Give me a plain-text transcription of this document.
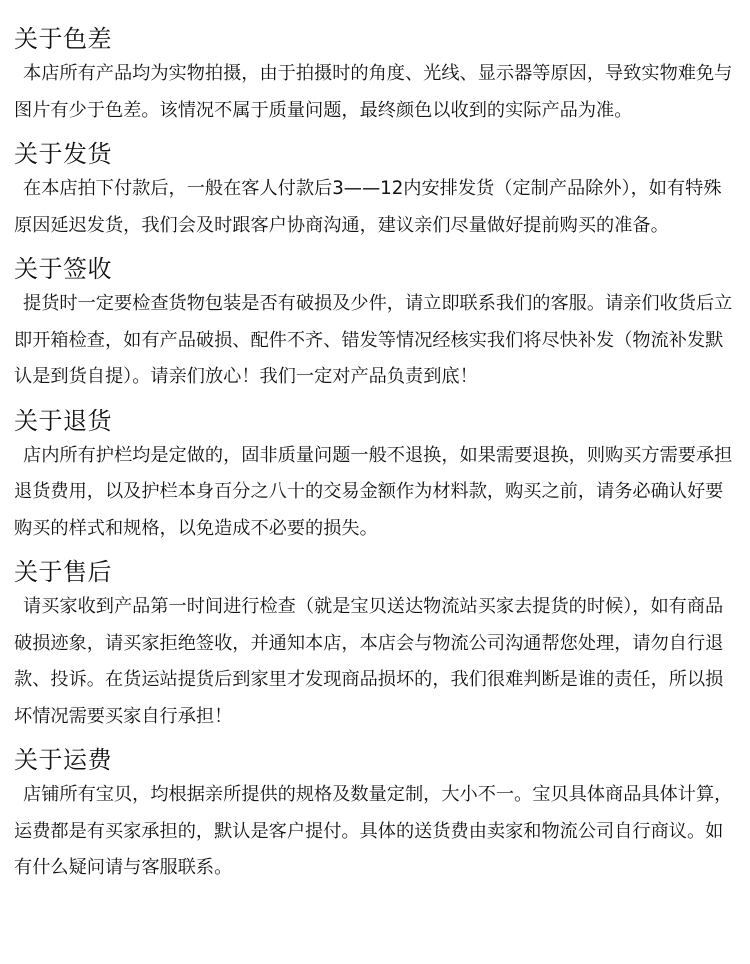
关于色差

本店所有产品均为实物拍摄，由于拍摄时的角度、光线、显示器等原因，导致实物难免与图片有少于色差。该情况不属于质量问题，最终颜色以收到的实际产品为准。

关于发货

在本店拍下付款后，一般在客人付款后3——12内安排发货（定制产品除外），如有特殊原因延迟发货，我们会及时跟客户协商沟通，建议亲们尽量做好提前购买的准备。

关于签收

提货时一定要检查货物包装是否有破损及少件，请立即联系我们的客服。请亲们收货后立即开箱检查，如有产品破损、配件不齐、错发等情况经核实我们将尽快补发（物流补发默认是到货自提）。请亲们放心！我们一定对产品负责到底！

关于退货

店内所有护栏均是定做的，固非质量问题一般不退换，如果需要退换，则购买方需要承担退货费用，以及护栏本身百分之八十的交易金额作为材料款，购买之前，请务必确认好要购买的样式和规格，以免造成不必要的损失。

关于售后

请买家收到产品第一时间进行检查（就是宝贝送达物流站买家去提货的时候），如有商品破损迹象，请买家拒绝签收，并通知本店，本店会与物流公司沟通帮您处理，请勿自行退款、投诉。在货运站提货后到家里才发现商品损坏的，我们很难判断是谁的责任，所以损坏情况需要买家自行承担！

关于运费

店铺所有宝贝，均根据亲所提供的规格及数量定制，大小不一。宝贝具体商品具体计算，运费都是有买家承担的，默认是客户提付。具体的送货费由卖家和物流公司自行商议。如有什么疑问请与客服联系。
